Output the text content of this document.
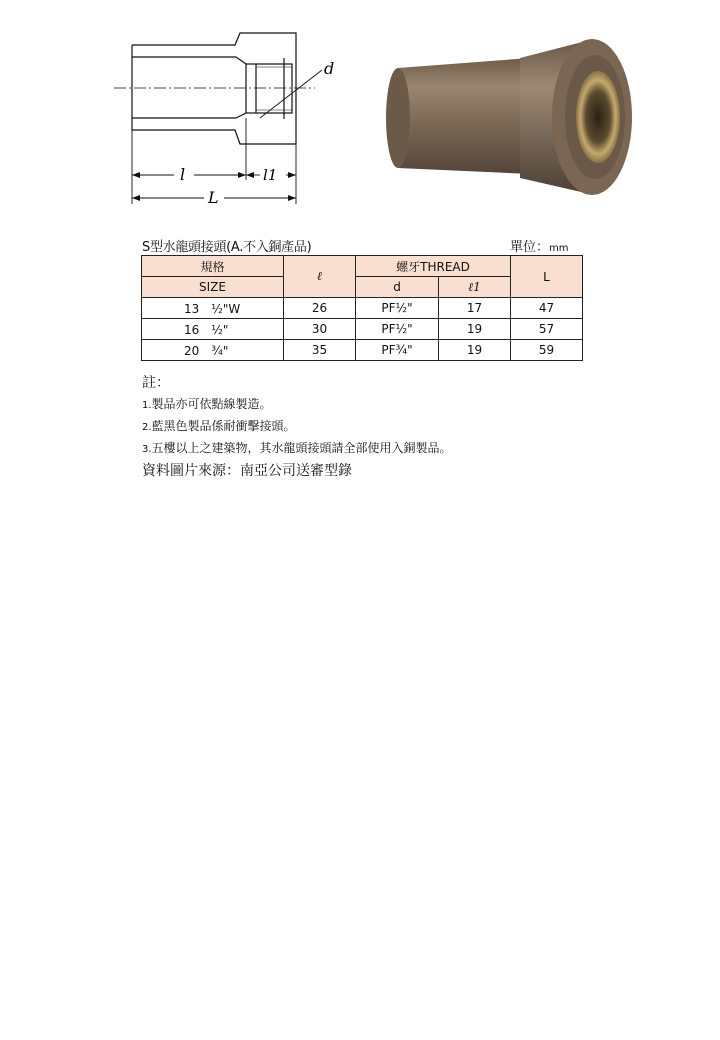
d
l	l1
L
S型水龍頭接頭(A.不入銅產品)	單位：mm
規格	ℓ	螺牙THREAD		L
SIZE		d	ℓ1	
13　½"W	26	PF½"	17	47
16　½"	30	PF½"	19	57
20　¾"	35	PF¾"	19	59
註：
1.製品亦可依點線製造。
2.藍黑色製品係耐衝擊接頭。
3.五樓以上之建築物，其水龍頭接頭請全部使用入銅製品。
資料圖片來源：南亞公司送審型錄
